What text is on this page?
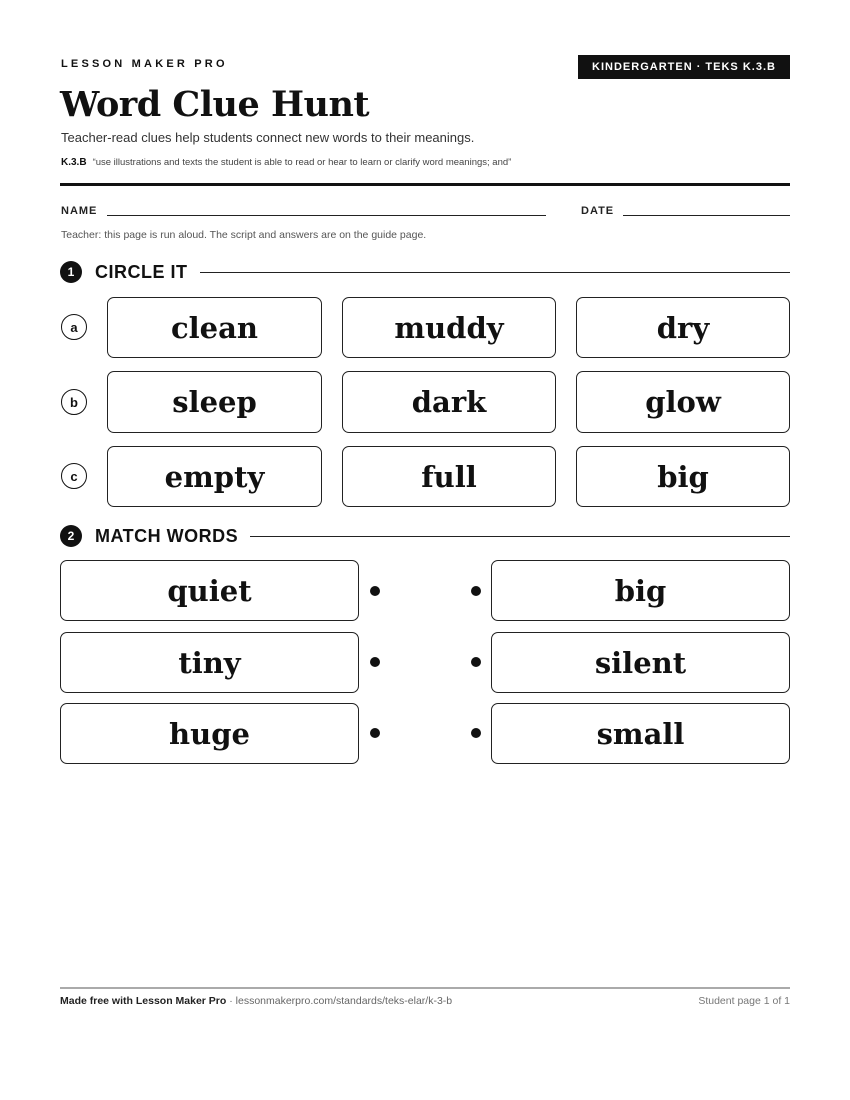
LESSON MAKER PRO	KINDERGARTEN · TEKS K.3.B
Word Clue Hunt
Teacher-read clues help students connect new words to their meanings.
K.3.B “use illustrations and texts the student is able to read or hear to learn or clarify word meanings; and”
NAME	DATE
Teacher: this page is run aloud. The script and answers are on the guide page.
1	CIRCLE IT
a	clean	muddy	dry
b	sleep	dark	glow
c	empty	full	big
2	MATCH WORDS
quiet	big
tiny	silent
huge	small
Made free with Lesson Maker Pro · lessonmakerpro.com/standards/teks-elar/k-3-b	Student page 1 of 1
